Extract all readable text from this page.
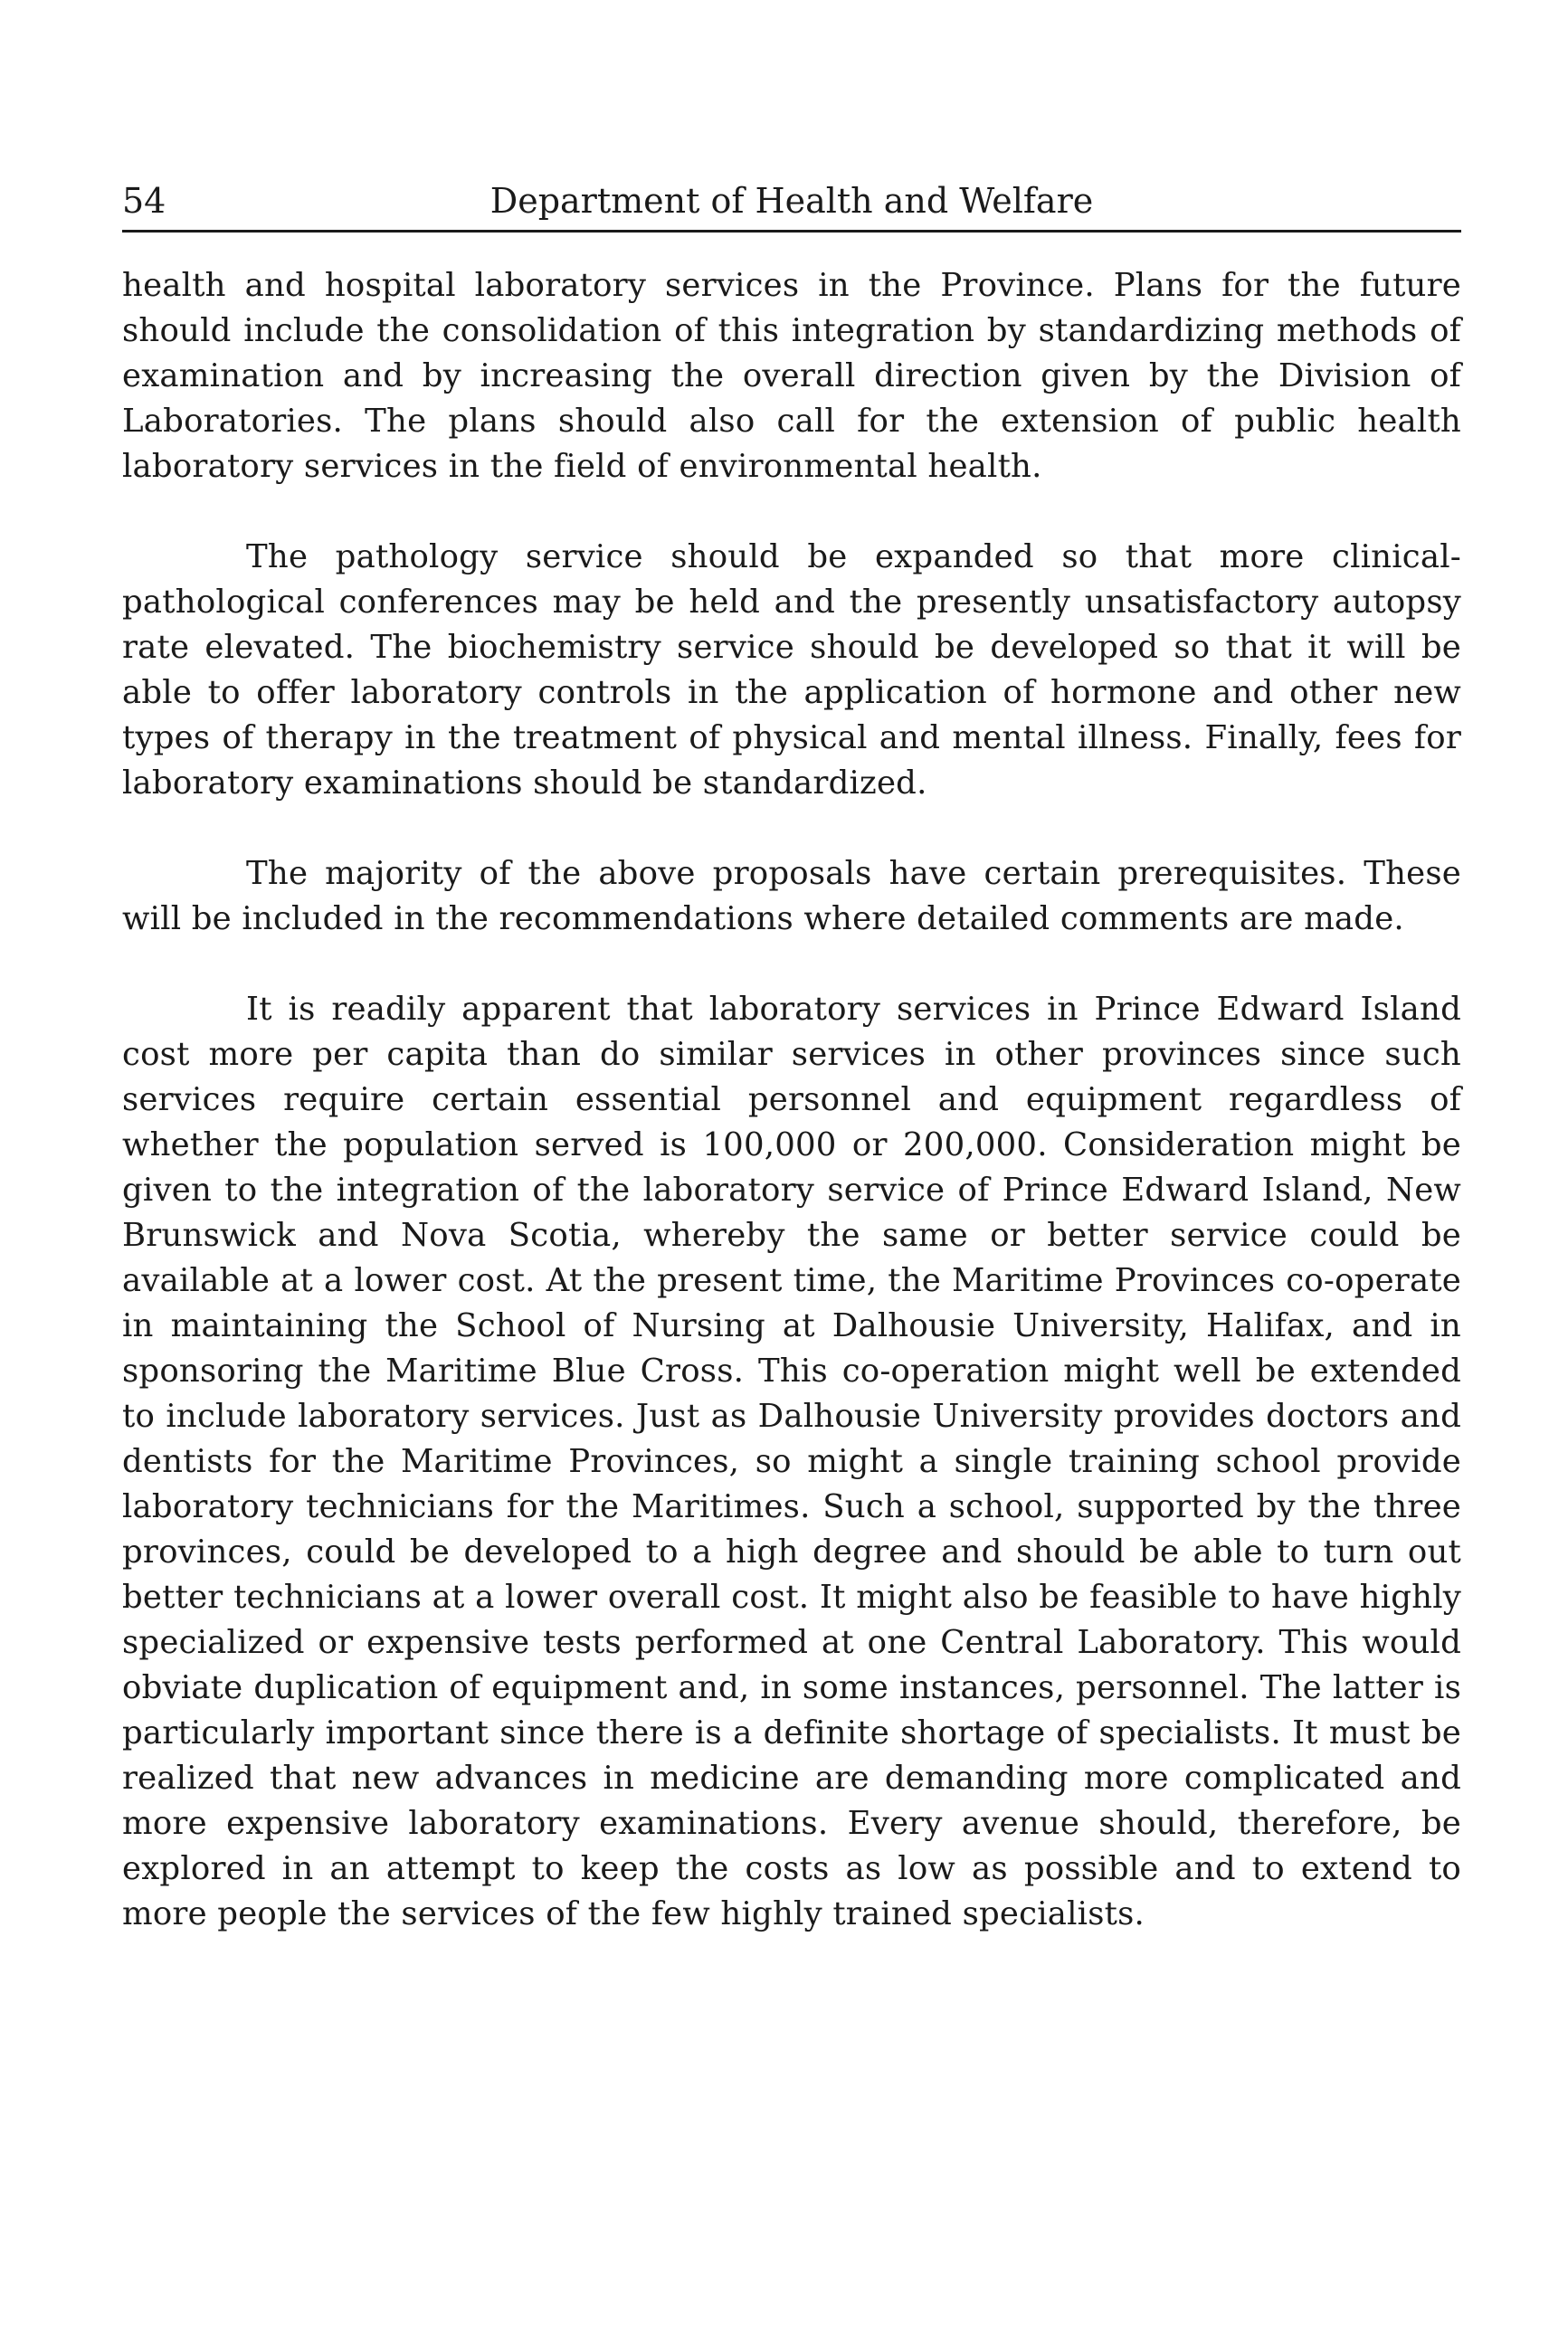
54	Department of Health and Welfare

health and hospital laboratory services in the Province. Plans for the future should include the consolidation of this integration by standardizing methods of examination and by increasing the overall direction given by the Division of Laboratories. The plans should also call for the extension of public health laboratory services in the field of environmental health.

The pathology service should be expanded so that more clinical-pathological conferences may be held and the presently unsatisfactory autopsy rate elevated. The biochemistry service should be developed so that it will be able to offer laboratory controls in the application of hormone and other new types of therapy in the treatment of physical and mental illness. Finally, fees for laboratory examinations should be standardized.

The majority of the above proposals have certain prerequisites. These will be included in the recommendations where detailed comments are made.

It is readily apparent that laboratory services in Prince Edward Island cost more per capita than do similar services in other provinces since such services require certain essential personnel and equipment regardless of whether the population served is 100,000 or 200,000. Consideration might be given to the integration of the laboratory service of Prince Edward Island, New Brunswick and Nova Scotia, whereby the same or better service could be available at a lower cost. At the present time, the Maritime Provinces co-operate in maintaining the School of Nursing at Dalhousie University, Halifax, and in sponsoring the Maritime Blue Cross. This co-operation might well be extended to include laboratory services. Just as Dalhousie University provides doctors and dentists for the Maritime Provinces, so might a single training school provide laboratory technicians for the Maritimes. Such a school, supported by the three provinces, could be developed to a high degree and should be able to turn out better technicians at a lower overall cost. It might also be feasible to have highly specialized or expensive tests performed at one Central Laboratory. This would obviate duplication of equipment and, in some instances, personnel. The latter is particularly important since there is a definite shortage of specialists. It must be realized that new advances in medicine are demanding more complicated and more expensive laboratory examinations. Every avenue should, therefore, be explored in an attempt to keep the costs as low as possible and to extend to more people the services of the few highly trained specialists.
